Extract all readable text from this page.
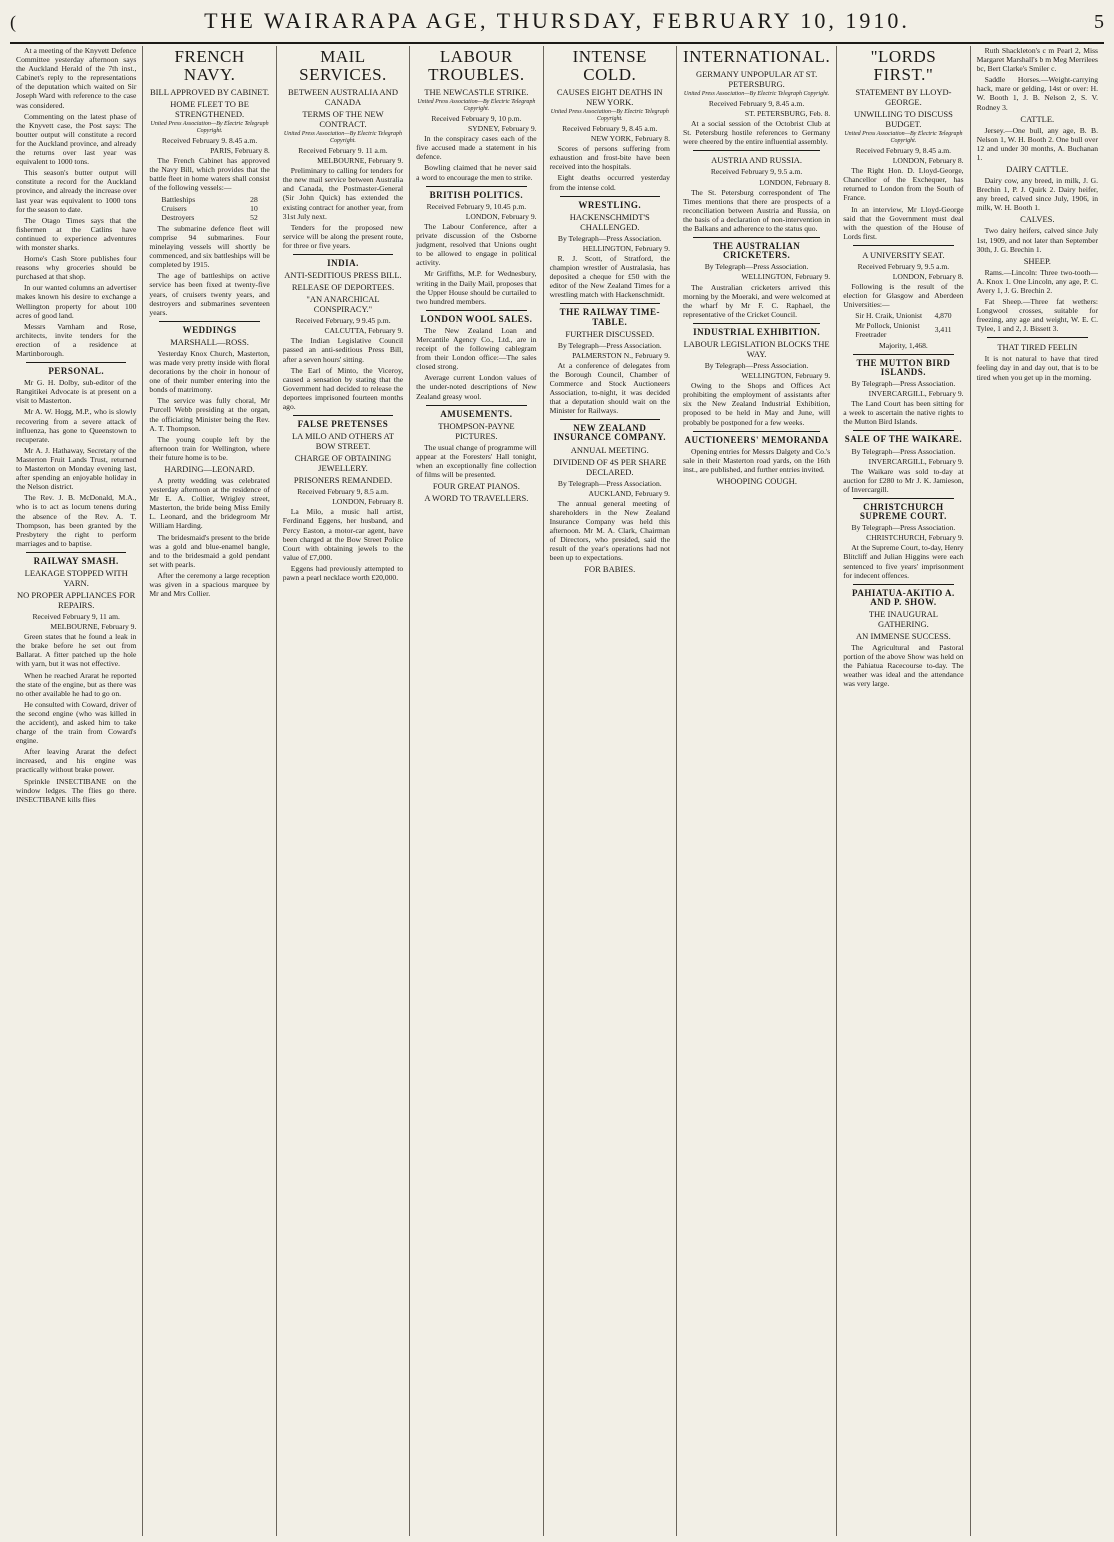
(	THE WAIRARAPA AGE, THURSDAY, FEBRUARY 10, 1910.	5

At a meeting of the Knyvett Defence Committee yesterday afternoon says the Auckland Herald of the 7th inst., Cabinet's reply to the representations of the deputation which waited on Sir Joseph Ward with reference to the case was considered.

Commenting on the latest phase of the Knyvett case, the Post says: The boutter output will constitute a record for the Auckland province, and already the returns over last year was equivalent to 1000 tons.

This season's butter output will constitute a record for the Auckland province, and already the increase over last year was equivalent to 1000 tons for the season to date.

The Otago Times says that the fishermen at the Catlins have continued to experience adventures with monster sharks.

Horne's Cash Store publishes four reasons why groceries should be purchased at that shop.

In our wanted columns an advertiser makes known his desire to exchange a Wellington property for about 100 acres of good land.

Messrs Varnham and Rose, architects, invite tenders for the erection of a residence at Martinborough.

PERSONAL.

Mr G. H. Dolby, sub-editor of the Rangitikei Advocate is at present on a visit to Masterton.

Mr A. W. Hogg, M.P., who is slowly recovering from a severe attack of influenza, has gone to Queenstown to recuperate.

Mr A. J. Hathaway, Secretary of the Masterton Fruit Lands Trust, returned to Masterton on Monday evening last, after spending an enjoyable holiday in the Nelson district.

The Rev. J. B. McDonald, M.A., who is to act as locum tenens during the absence of the Rev. A. T. Thompson, has been granted by the Presbytery the right to perform marriages and to baptise.

RAILWAY SMASH.
LEAKAGE STOPPED WITH YARN.
NO PROPER APPLIANCES FOR REPAIRS.
Received February 9, 11 am.
MELBOURNE, February 9.

Green states that he found a leak in the brake before he set out from Ballarat. A fitter patched up the hole with yarn, but it was not effective.

When he reached Ararat he reported the state of the engine, but as there was no other available he had to go on.

He consulted with Coward, driver of the second engine (who was killed in the accident), and asked him to take charge of the train from Coward's engine.

After leaving Ararat the defect increased, and his engine was practically without brake power.

Sprinkle INSECTIBANE on the window ledges. The flies go there. INSECTIBANE kills flies

FRENCH NAVY.
BILL APPROVED BY CABINET.
HOME FLEET TO BE STRENGTHENED.
United Press Association—By Electric Telegraph Copyright.
Received February 9. 8.45 a.m.
PARIS, February 8.

The French Cabinet has approved the Navy Bill, which provides that the battle fleet in home waters shall consist of the following vessels:—

Battleships	28
Cruisers	10
Destroyers	52

The submarine defence fleet will comprise 94 submarines. Four minelaying vessels will shortly be commenced, and six battleships will be completed by 1915.

The age of battleships on active service has been fixed at twenty-five years, of cruisers twenty years, and destroyers and submarines seventeen years.

WEDDINGS
MARSHALL—ROSS.

Yesterday Knox Church, Masterton, was made very pretty inside with floral decorations by the choir in honour of one of their number entering into the bonds of matrimony.

The service was fully choral, Mr Purcell Webb presiding at the organ, the officiating Minister being the Rev. A. T. Thompson.

The young couple left by the afternoon train for Wellington, where their future home is to be.

HARDING—LEONARD.

A pretty wedding was celebrated yesterday afternoon at the residence of Mr E. A. Collier, Wrigley street, Masterton, the bride being Miss Emily L. Leonard, and the bridegroom Mr William Harding.

The bridesmaid's present to the bride was a gold and blue-enamel bangle, and to the bridesmaid a gold pendant set with pearls.

After the ceremony a large reception was given in a spacious marquee by Mr and Mrs Collier.

MAIL SERVICES.
BETWEEN AUSTRALIA AND CANADA
TERMS OF THE NEW CONTRACT.
United Press Association—By Electric Telegraph Copyright.
Received February 9. 11 a.m.
MELBOURNE, February 9.

Preliminary to calling for tenders for the new mail service between Australia and Canada, the Postmaster-General (Sir John Quick) has extended the existing contract for another year, from 31st July next.

Tenders for the proposed new service will be along the present route, for three or five years.

INDIA.
ANTI-SEDITIOUS PRESS BILL.
RELEASE OF DEPORTEES.
"AN ANARCHICAL CONSPIRACY."
Received February, 9 9.45 p.m.
CALCUTTA, February 9.

The Indian Legislative Council passed an anti-seditious Press Bill, after a seven hours' sitting.

The Earl of Minto, the Viceroy, caused a sensation by stating that the Government had decided to release the deportees imprisoned fourteen months ago.

FALSE PRETENSES
LA MILO AND OTHERS AT BOW STREET.
CHARGE OF OBTAINING JEWELLERY.
PRISONERS REMANDED.
Received February 9, 8.5 a.m.
LONDON, February 8.

La Milo, a music hall artist, Ferdinand Eggens, her husband, and Percy Easton, a motor-car agent, have been charged at the Bow Street Police Court with obtaining jewels to the value of £7,000.

Eggens had previously attempted to pawn a pearl necklace worth £20,000.

LABOUR TROUBLES.
THE NEWCASTLE STRIKE.
United Press Association—By Electric Telegraph Copyright.
Received February 9, 10 p.m.
SYDNEY, February 9.

In the conspiracy cases each of the five accused made a statement in his defence.

Bowling claimed that he never said a word to encourage the men to strike.

BRITISH POLITICS.
Received February 9, 10.45 p.m.
LONDON, February 9.

The Labour Conference, after a private discussion of the Osborne judgment, resolved that Unions ought to be allowed to engage in political activity.

Mr Griffiths, M.P. for Wednesbury, writing in the Daily Mail, proposes that the Upper House should be curtailed to two hundred members.

LONDON WOOL SALES.

The New Zealand Loan and Mercantile Agency Co., Ltd., are in receipt of the following cablegram from their London office:—The sales closed strong.

Average current London values of the under-noted descriptions of New Zealand greasy wool.

AMUSEMENTS.
THOMPSON-PAYNE PICTURES.

The usual change of programme will appear at the Foresters' Hall tonight, when an exceptionally fine collection of films will be presented.

FOUR GREAT PIANOS.
A WORD TO TRAVELLERS.
INTENSE COLD.
CAUSES EIGHT DEATHS IN NEW YORK.
United Press Association—By Electric Telegraph Copyright.
Received February 9, 8.45 a.m.
NEW YORK, February 8.

Scores of persons suffering from exhaustion and frost-bite have been received into the hospitals.

Eight deaths occurred yesterday from the intense cold.

WRESTLING.
HACKENSCHMIDT'S CHALLENGED.
By Telegraph—Press Association.
HELLINGTON, February 9.

R. J. Scott, of Stratford, the champion wrestler of Australasia, has deposited a cheque for £50 with the editor of the New Zealand Times for a wrestling match with Hackenschmidt.

THE RAILWAY TIME-TABLE.
FURTHER DISCUSSED.
By Telegraph—Press Association.
PALMERSTON N., February 9.

At a conference of delegates from the Borough Council, Chamber of Commerce and Stock Auctioneers Association, to-night, it was decided that a deputation should wait on the Minister for Railways.

NEW ZEALAND INSURANCE COMPANY.
ANNUAL MEETING.
DIVIDEND OF 4S PER SHARE DECLARED.
By Telegraph—Press Association.
AUCKLAND, February 9.

The annual general meeting of shareholders in the New Zealand Insurance Company was held this afternoon. Mr M. A. Clark, Chairman of Directors, who presided, said the result of the year's operations had not been up to expectations.

FOR BABIES.
INTERNATIONAL.
GERMANY UNPOPULAR AT ST. PETERSBURG.
United Press Association—By Electric Telegraph Copyright.
Received February 9, 8.45 a.m.
ST. PETERSBURG, Feb. 8.

At a social session of the Octobrist Club at St. Petersburg hostile references to Germany were cheered by the entire influential assembly.

AUSTRIA AND RUSSIA.
Received February 9, 9.5 a.m.
LONDON, February 8.

The St. Petersburg correspondent of The Times mentions that there are prospects of a reconciliation between Austria and Russia, on the basis of a declaration of non-intervention in the Balkans and adherence to the status quo.

THE AUSTRALIAN CRICKETERS.
By Telegraph—Press Association.
WELLINGTON, February 9.

The Australian cricketers arrived this morning by the Moeraki, and were welcomed at the wharf by Mr F. C. Raphael, the representative of the Cricket Council.

INDUSTRIAL EXHIBITION.
LABOUR LEGISLATION BLOCKS THE WAY.
By Telegraph—Press Association.
WELLINGTON, February 9.

Owing to the Shops and Offices Act prohibiting the employment of assistants after six the New Zealand Industrial Exhibition, proposed to be held in May and June, will probably be postponed for a few weeks.

AUCTIONEERS' MEMORANDA

Opening entries for Messrs Dalgety and Co.'s sale in their Masterton road yards, on the 16th inst., are published, and further entries invited.

WHOOPING COUGH.
"LORDS FIRST."
STATEMENT BY LLOYD-GEORGE.
UNWILLING TO DISCUSS BUDGET.
United Press Association—By Electric Telegraph Copyright.
Received February 9, 8.45 a.m.
LONDON, February 8.

The Right Hon. D. Lloyd-George, Chancellor of the Exchequer, has returned to London from the South of France.

In an interview, Mr Lloyd-George said that the Government must deal with the question of the House of Lords first.

A UNIVERSITY SEAT.
Received February 9, 9.5 a.m.
LONDON, February 8.

Following is the result of the election for Glasgow and Aberdeen Universities:—

Sir H. Craik, Unionist	4,870
Mr Pollock, Unionist Freetrader	3,411
Majority, 1,468.
THE MUTTON BIRD ISLANDS.
By Telegraph—Press Association.
INVERCARGILL, February 9.

The Land Court has been sitting for a week to ascertain the native rights to the Mutton Bird Islands.

SALE OF THE WAIKARE.
By Telegraph—Press Association.
INVERCARGILL, February 9.

The Waikare was sold to-day at auction for £280 to Mr J. K. Jamieson, of Invercargill.

CHRISTCHURCH SUPREME COURT.
By Telegraph—Press Association.
CHRISTCHURCH, February 9.

At the Supreme Court, to-day, Henry Blitcliff and Julian Higgins were each sentenced to five years' imprisonment for indecent offences.

PAHIATUA-AKITIO A. AND P. SHOW.
THE INAUGURAL GATHERING.
AN IMMENSE SUCCESS.

The Agricultural and Pastoral portion of the above Show was held on the Pahiatua Racecourse to-day. The weather was ideal and the attendance was very large.

Ruth Shackleton's c m Pearl 2, Miss Margaret Marshall's b m Meg Merrilees bc, Bert Clarke's Smiler c.

Saddle Horses.—Weight-carrying hack, mare or gelding, 14st or over: H. W. Booth 1, J. B. Nelson 2, S. V. Rodney 3.

CATTLE.

Jersey.—One bull, any age, B. B. Nelson 1, W. H. Booth 2. One bull over 12 and under 30 months, A. Buchanan 1.

DAIRY CATTLE.

Dairy cow, any breed, in milk, J. G. Brechin 1, P. J. Quirk 2. Dairy heifer, any breed, calved since July, 1906, in milk, W. H. Booth 1.

CALVES.

Two dairy heifers, calved since July 1st, 1909, and not later than September 30th, J. G. Brechin 1.

SHEEP.

Rams.—Lincoln: Three two-tooth—A. Knox 1. One Lincoln, any age, P. C. Avery 1, J. G. Brechin 2.

Fat Sheep.—Three fat wethers: Longwool crosses, suitable for freezing, any age and weight, W. E. C. Tylee, 1 and 2, J. Bissett 3.

THAT TIRED FEELIN

It is not natural to have that tired feeling day in and day out, that is to be tired when you get up in the morning.
